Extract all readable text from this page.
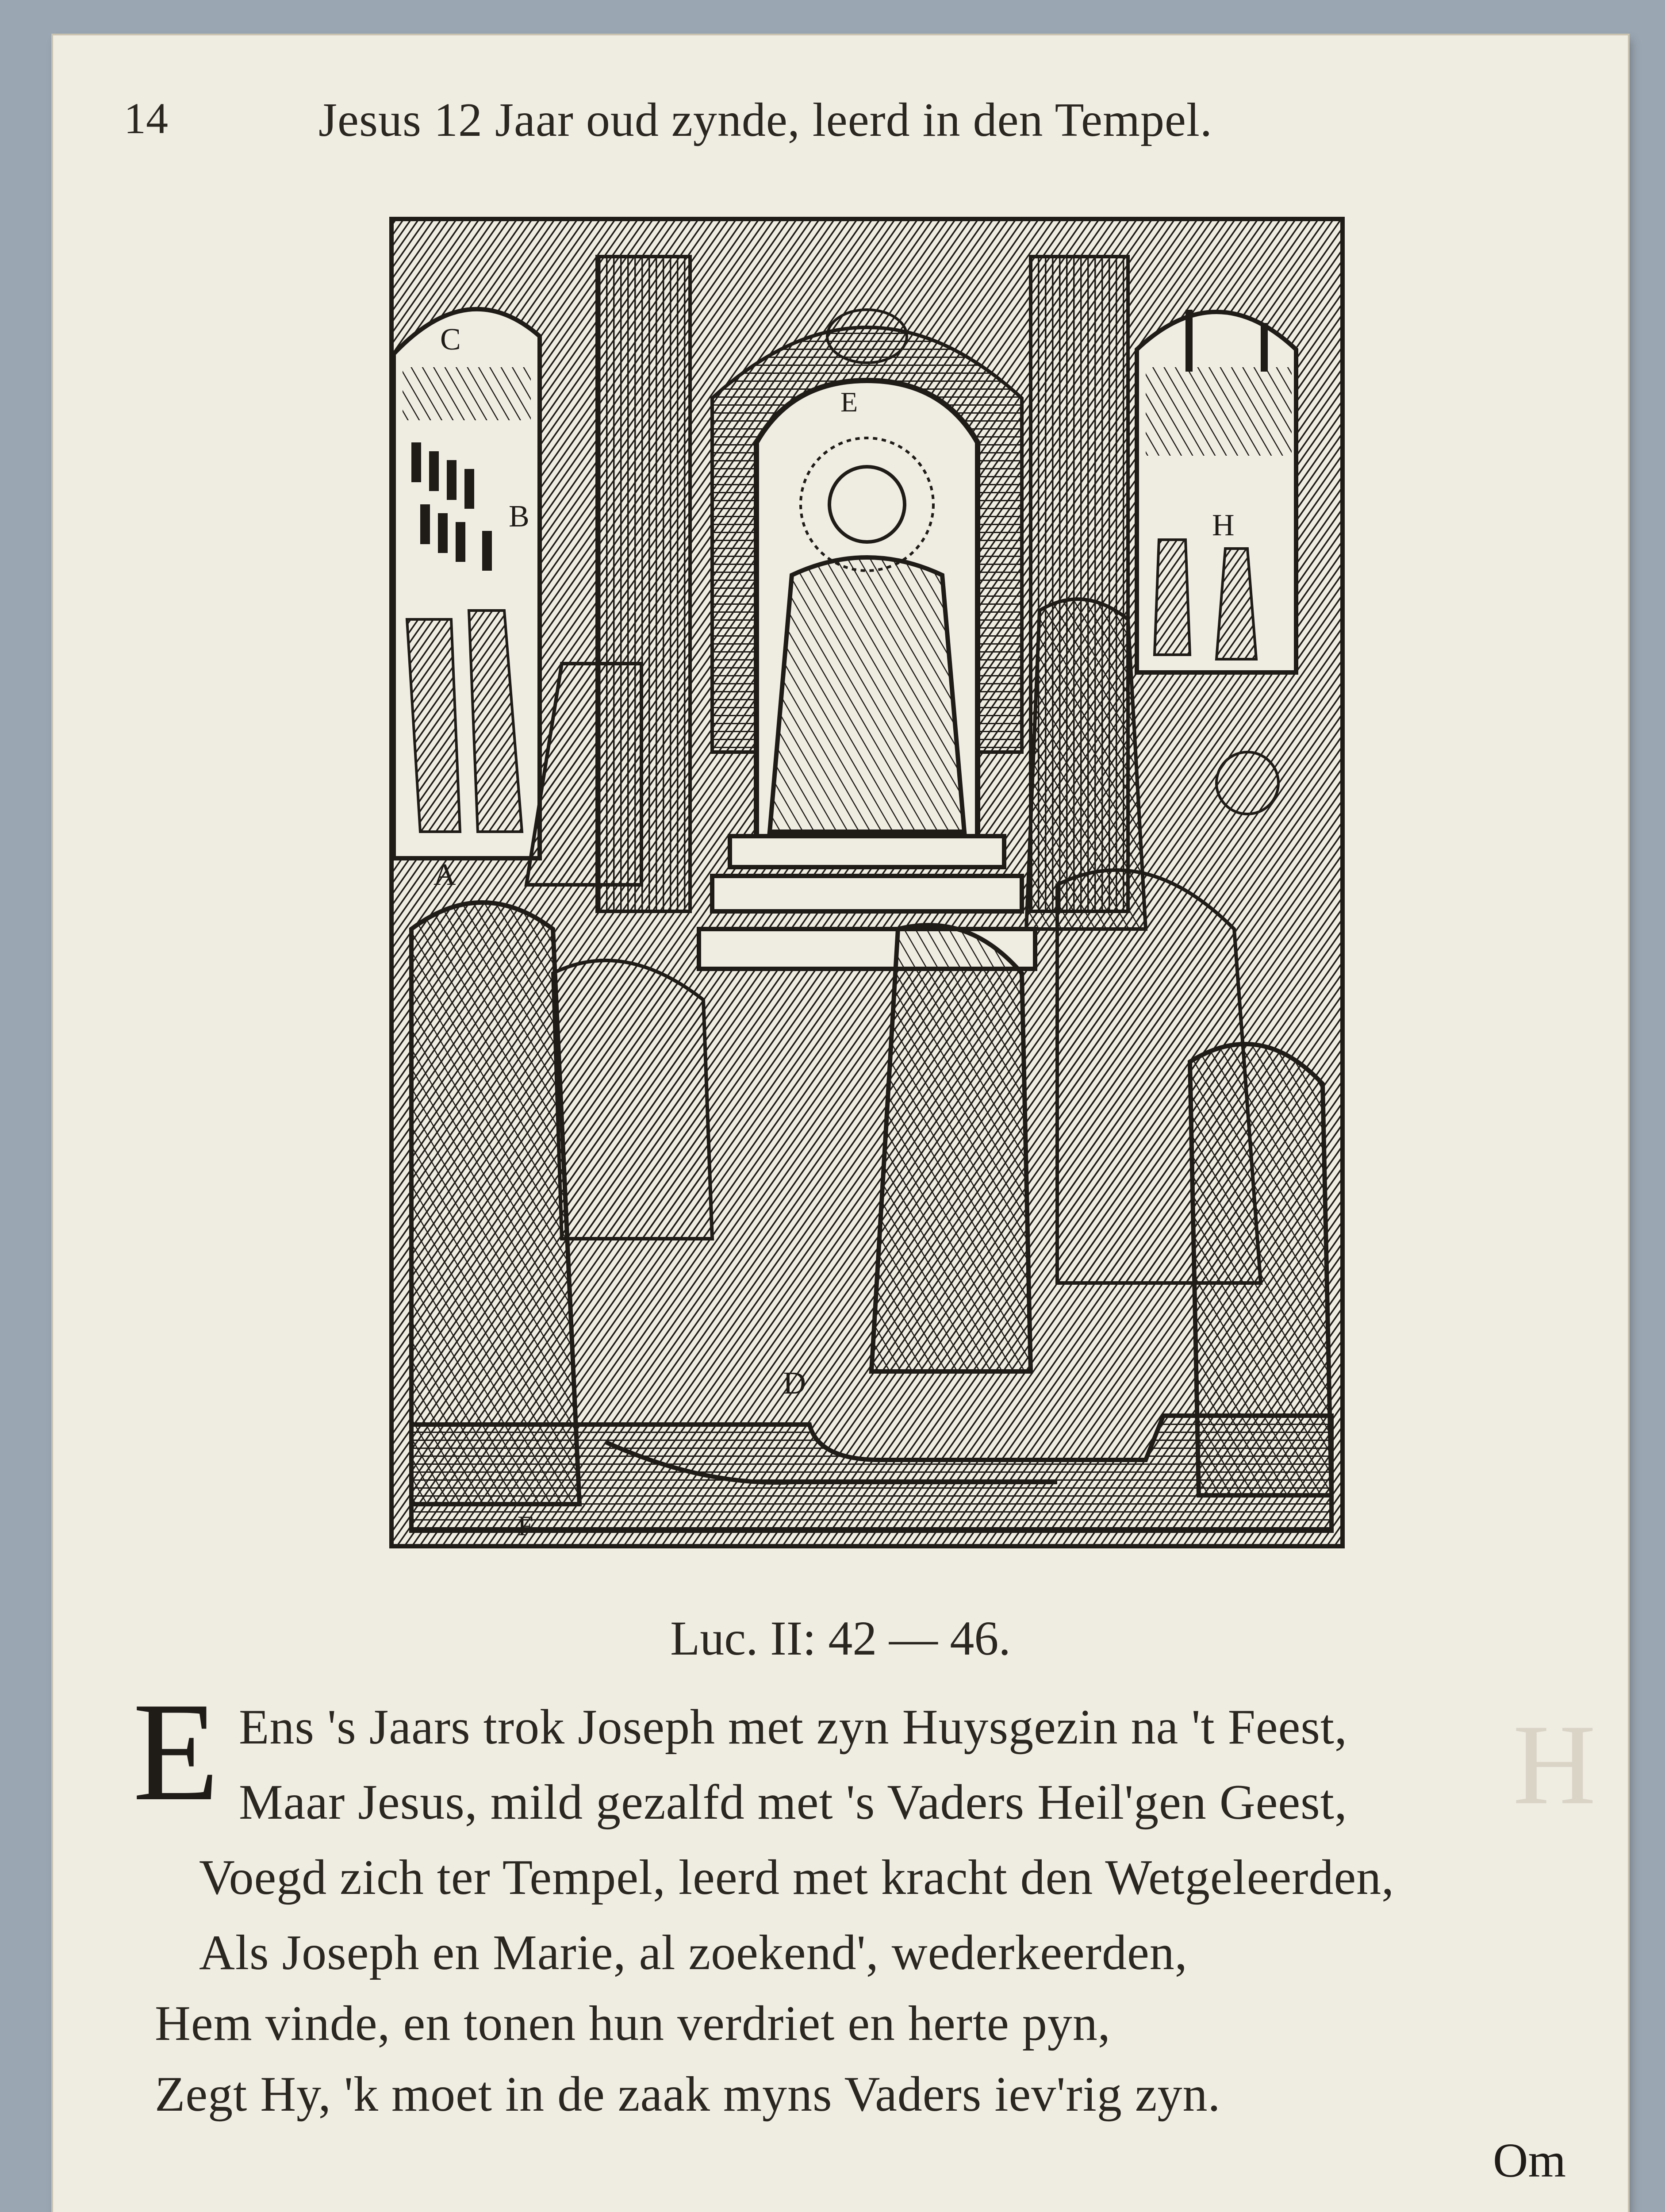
H
14	Jesus 12 Jaar oud zynde, leerd in den Tempel.
C
B
A
H
E
D
F
Luc. II: 42 — 46.
E Ens 's Jaars trok Joseph met zyn Huysgezin na 't Feest,
Maar Jesus, mild gezalfd met 's Vaders Heil'gen Geest,
Voegd zich ter Tempel, leerd met kracht den Wetgeleerden,
Als Joseph en Marie, al zoekend', wederkeerden,
Hem vinde, en tonen hun verdriet en herte pyn,
Zegt Hy, 'k moet in de zaak myns Vaders iev'rig zyn.
Om
